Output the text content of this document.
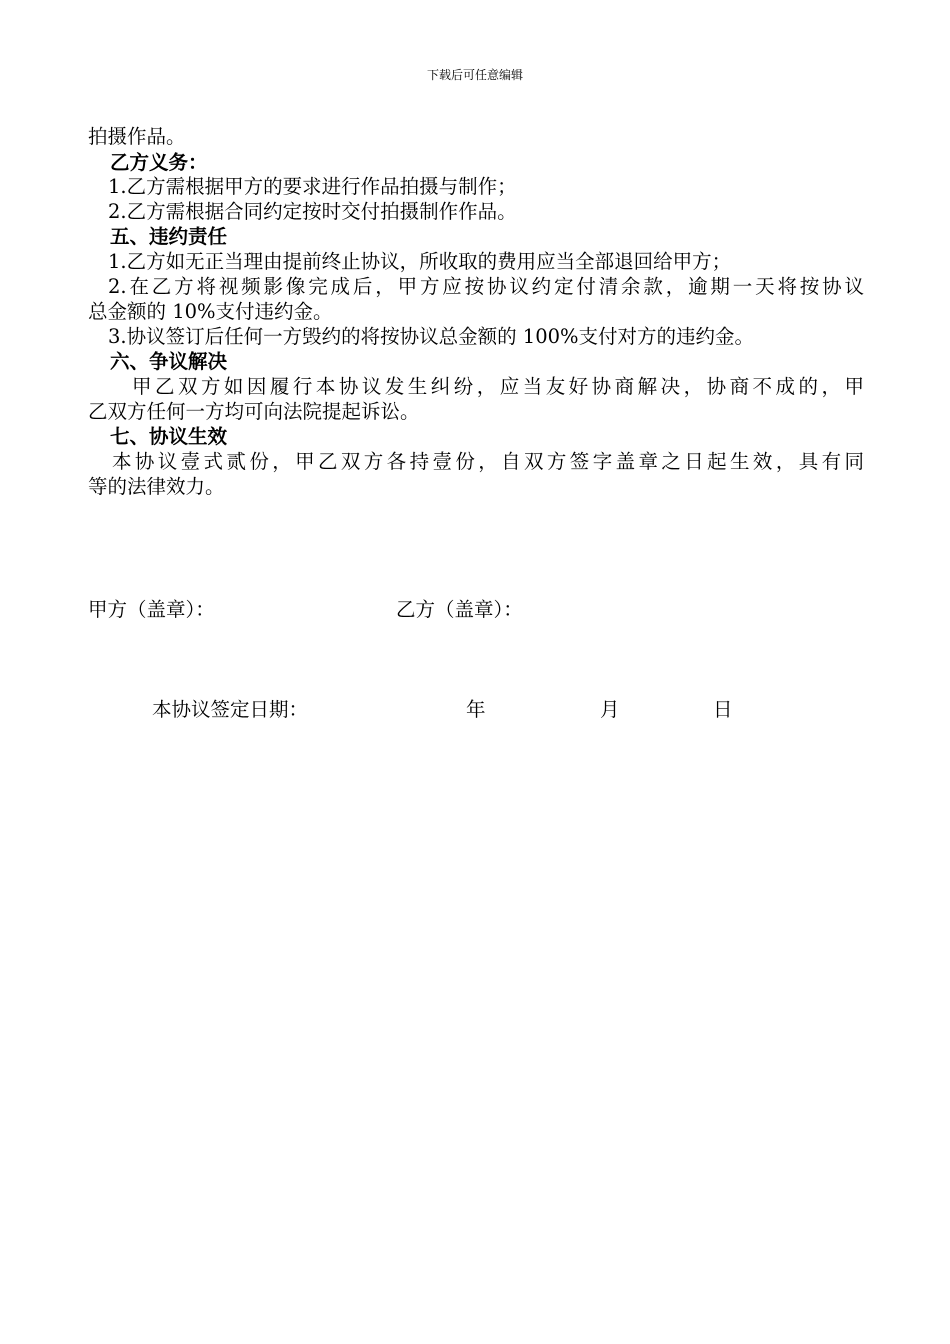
下载后可任意编辑
拍摄作品。
乙方义务：
1.乙方需根据甲方的要求进行作品拍摄与制作；
2.乙方需根据合同约定按时交付拍摄制作作品。
五、违约责任
1.乙方如无正当理由提前终止协议，所收取的费用应当全部退回给甲方；
2.在乙方将视频影像完成后，甲方应按协议约定付清余款，逾期一天将按协议
总金额的 10%支付违约金。
3.协议签订后任何一方毁约的将按协议总金额的 100%支付对方的违约金。
六、争议解决
甲乙双方如因履行本协议发生纠纷，应当友好协商解决，协商不成的，甲
乙双方任何一方均可向法院提起诉讼。
七、协议生效
本协议壹式贰份，甲乙双方各持壹份，自双方签字盖章之日起生效，具有同
等的法律效力。
甲方（盖章）：	乙方（盖章）：
本协议签定日期：	年	月	日
